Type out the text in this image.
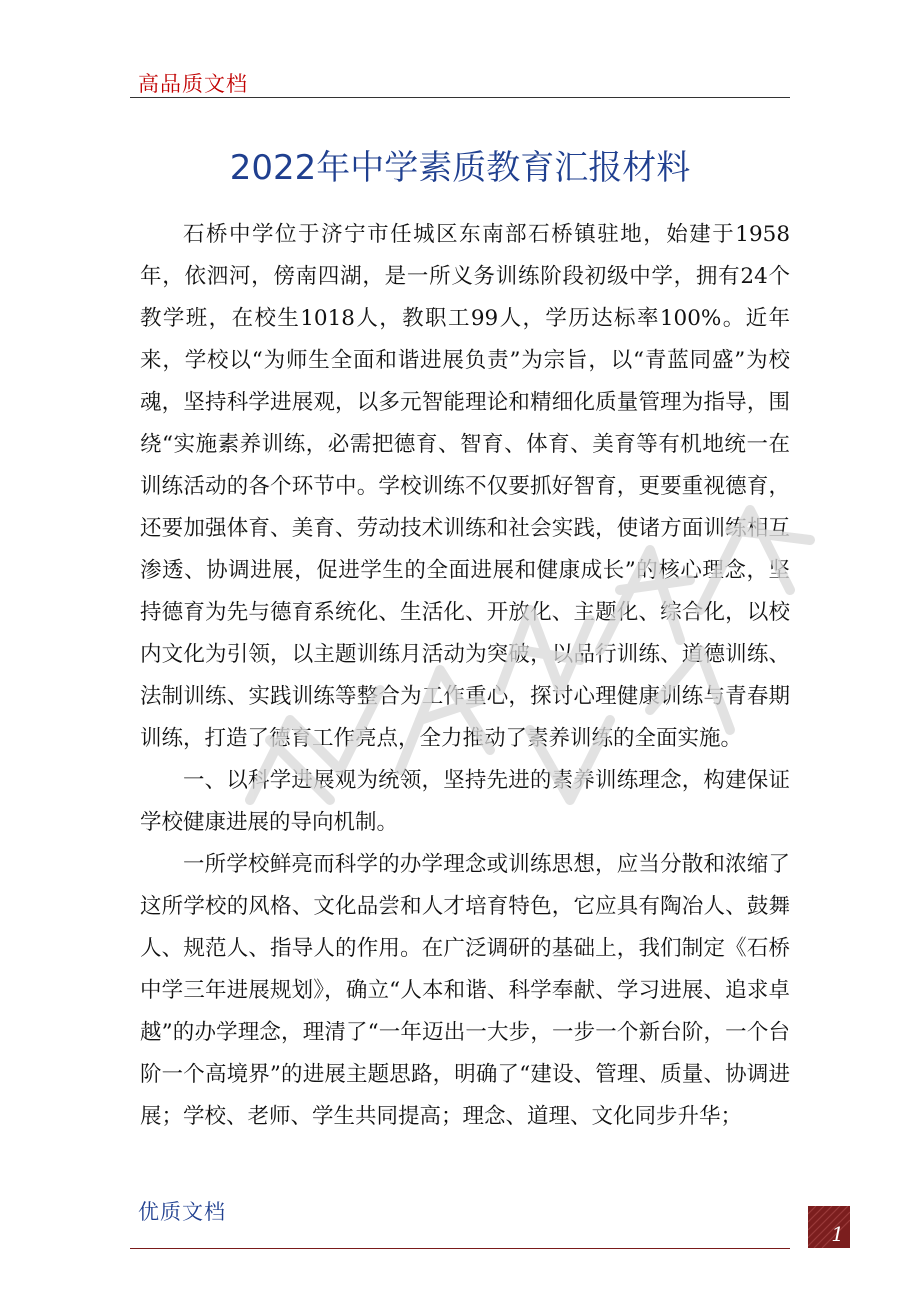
高品质文档
2022年中学素质教育汇报材料

石桥中学位于济宁市任城区东南部石桥镇驻地，始建于1958年，依泗河，傍南四湖，是一所义务训练阶段初级中学，拥有24个教学班，在校生1018人，教职工99人，学历达标率100%。近年来，学校以“为师生全面和谐进展负责”为宗旨，以“青蓝同盛”为校魂，坚持科学进展观，以多元智能理论和精细化质量管理为指导，围绕“实施素养训练，必需把德育、智育、体育、美育等有机地统一在训练活动的各个环节中。学校训练不仅要抓好智育，更要重视德育，还要加强体育、美育、劳动技术训练和社会实践，使诸方面训练相互渗透、协调进展，促进学生的全面进展和健康成长”的核心理念，坚持德育为先与德育系统化、生活化、开放化、主题化、综合化，以校内文化为引领，以主题训练月活动为突破，以品行训练、道德训练、法制训练、实践训练等整合为工作重心，探讨心理健康训练与青春期训练，打造了德育工作亮点，全力推动了素养训练的全面实施。

一、以科学进展观为统领，坚持先进的素养训练理念，构建保证学校健康进展的导向机制。

一所学校鲜亮而科学的办学理念或训练思想，应当分散和浓缩了这所学校的风格、文化品尝和人才培育特色，它应具有陶冶人、鼓舞人、规范人、指导人的作用。在广泛调研的基础上，我们制定《石桥中学三年进展规划》，确立“人本和谐、科学奉献、学习进展、追求卓越”的办学理念，理清了“一年迈出一大步，一步一个新台阶，一个台阶一个高境界”的进展主题思路，明确了“建设、管理、质量、协调进展；学校、老师、学生共同提高；理念、道理、文化同步升华；

优质文档
1
